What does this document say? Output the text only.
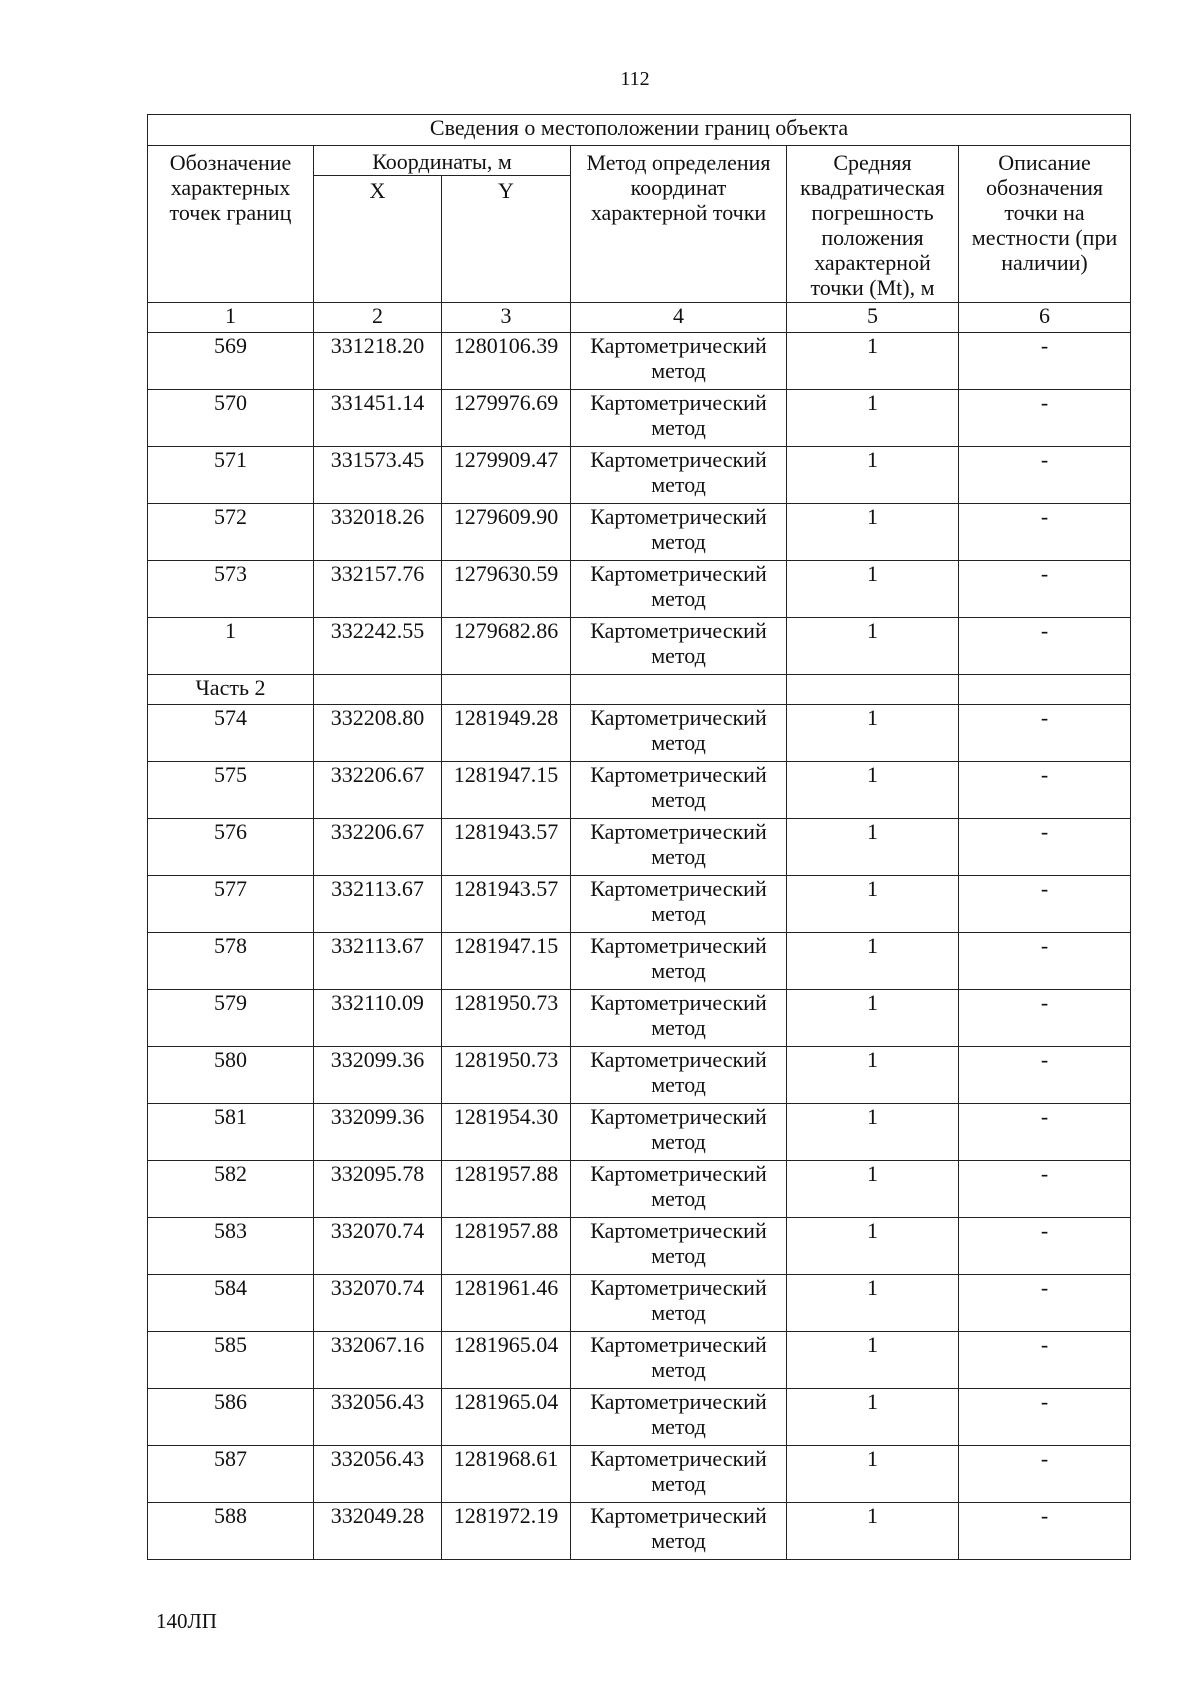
112
Сведения о местоположении границ объекта					
Обозначение характерных точек границ	Координаты, м		Метод определения координат характерной точки	Средняя квадратическая погрешность положения характерной точки (Mt), м	Описание обозначения точки на местности (при наличии)
	X	Y			
1	2	3	4	5	6
569	331218.20	1280106.39	Картометрический метод	1	-
570	331451.14	1279976.69	Картометрический метод	1	-
571	331573.45	1279909.47	Картометрический метод	1	-
572	332018.26	1279609.90	Картометрический метод	1	-
573	332157.76	1279630.59	Картометрический метод	1	-
1	332242.55	1279682.86	Картометрический метод	1	-
Часть 2					
574	332208.80	1281949.28	Картометрический метод	1	-
575	332206.67	1281947.15	Картометрический метод	1	-
576	332206.67	1281943.57	Картометрический метод	1	-
577	332113.67	1281943.57	Картометрический метод	1	-
578	332113.67	1281947.15	Картометрический метод	1	-
579	332110.09	1281950.73	Картометрический метод	1	-
580	332099.36	1281950.73	Картометрический метод	1	-
581	332099.36	1281954.30	Картометрический метод	1	-
582	332095.78	1281957.88	Картометрический метод	1	-
583	332070.74	1281957.88	Картометрический метод	1	-
584	332070.74	1281961.46	Картометрический метод	1	-
585	332067.16	1281965.04	Картометрический метод	1	-
586	332056.43	1281965.04	Картометрический метод	1	-
587	332056.43	1281968.61	Картометрический метод	1	-
588	332049.28	1281972.19	Картометрический метод	1	-
140ЛП
